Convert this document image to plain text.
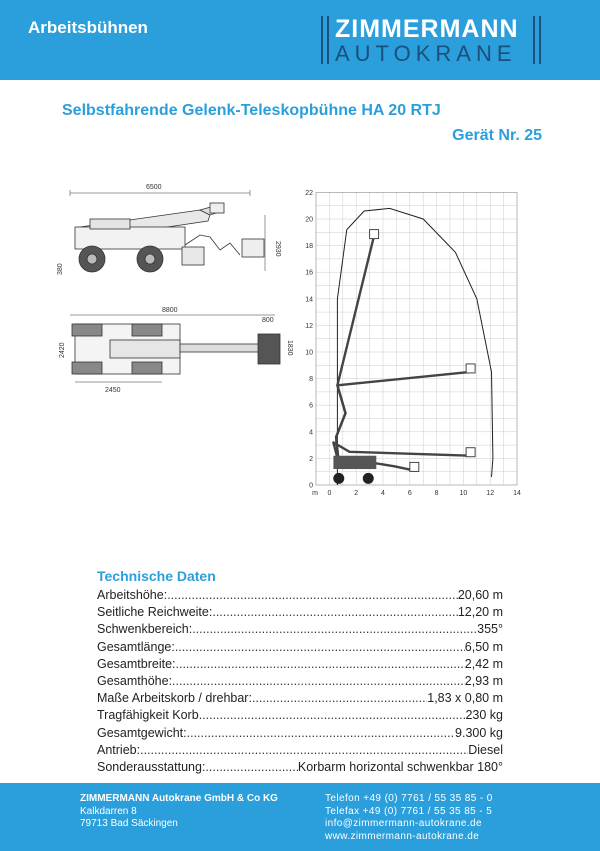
Arbeitsbühnen	ZIMMERMANN
AUTOKRANE
Selbstfahrende Gelenk-Teleskopbühne HA 20 RTJ
Gerät Nr. 25
6500
2930
380
8800
800
2450
2420	1830
0
2
4
6
8
10
12
14
16
18
20
22
0	2	4	6	8	10	12	14
m
Technische Daten
Arbeitshöhe: .....	20,60 m
Seitliche Reichweite: .....	12,20 m
Schwenkbereich: .....	355°
Gesamtlänge: .....	6,50 m
Gesamtbreite: .....	2,42 m
Gesamthöhe: .....	2,93 m
Maße Arbeitskorb / drehbar: .....	1,83 x 0,80 m
Tragfähigkeit Korb .....	230 kg
Gesamtgewicht: .....	9.300 kg
Antrieb: .....	Diesel
Sonderausstattung: .....	Korbarm horizontal schwenkbar 180°
ZIMMERMANN Autokrane GmbH & Co KG
Kalkdarren 8
79713 Bad Säckingen
Telefon +49 (0) 7761 / 55 35 85 - 0
Telefax +49 (0) 7761 / 55 35 85 - 5
info@zimmermann-autokrane.de
www.zimmermann-autokrane.de
